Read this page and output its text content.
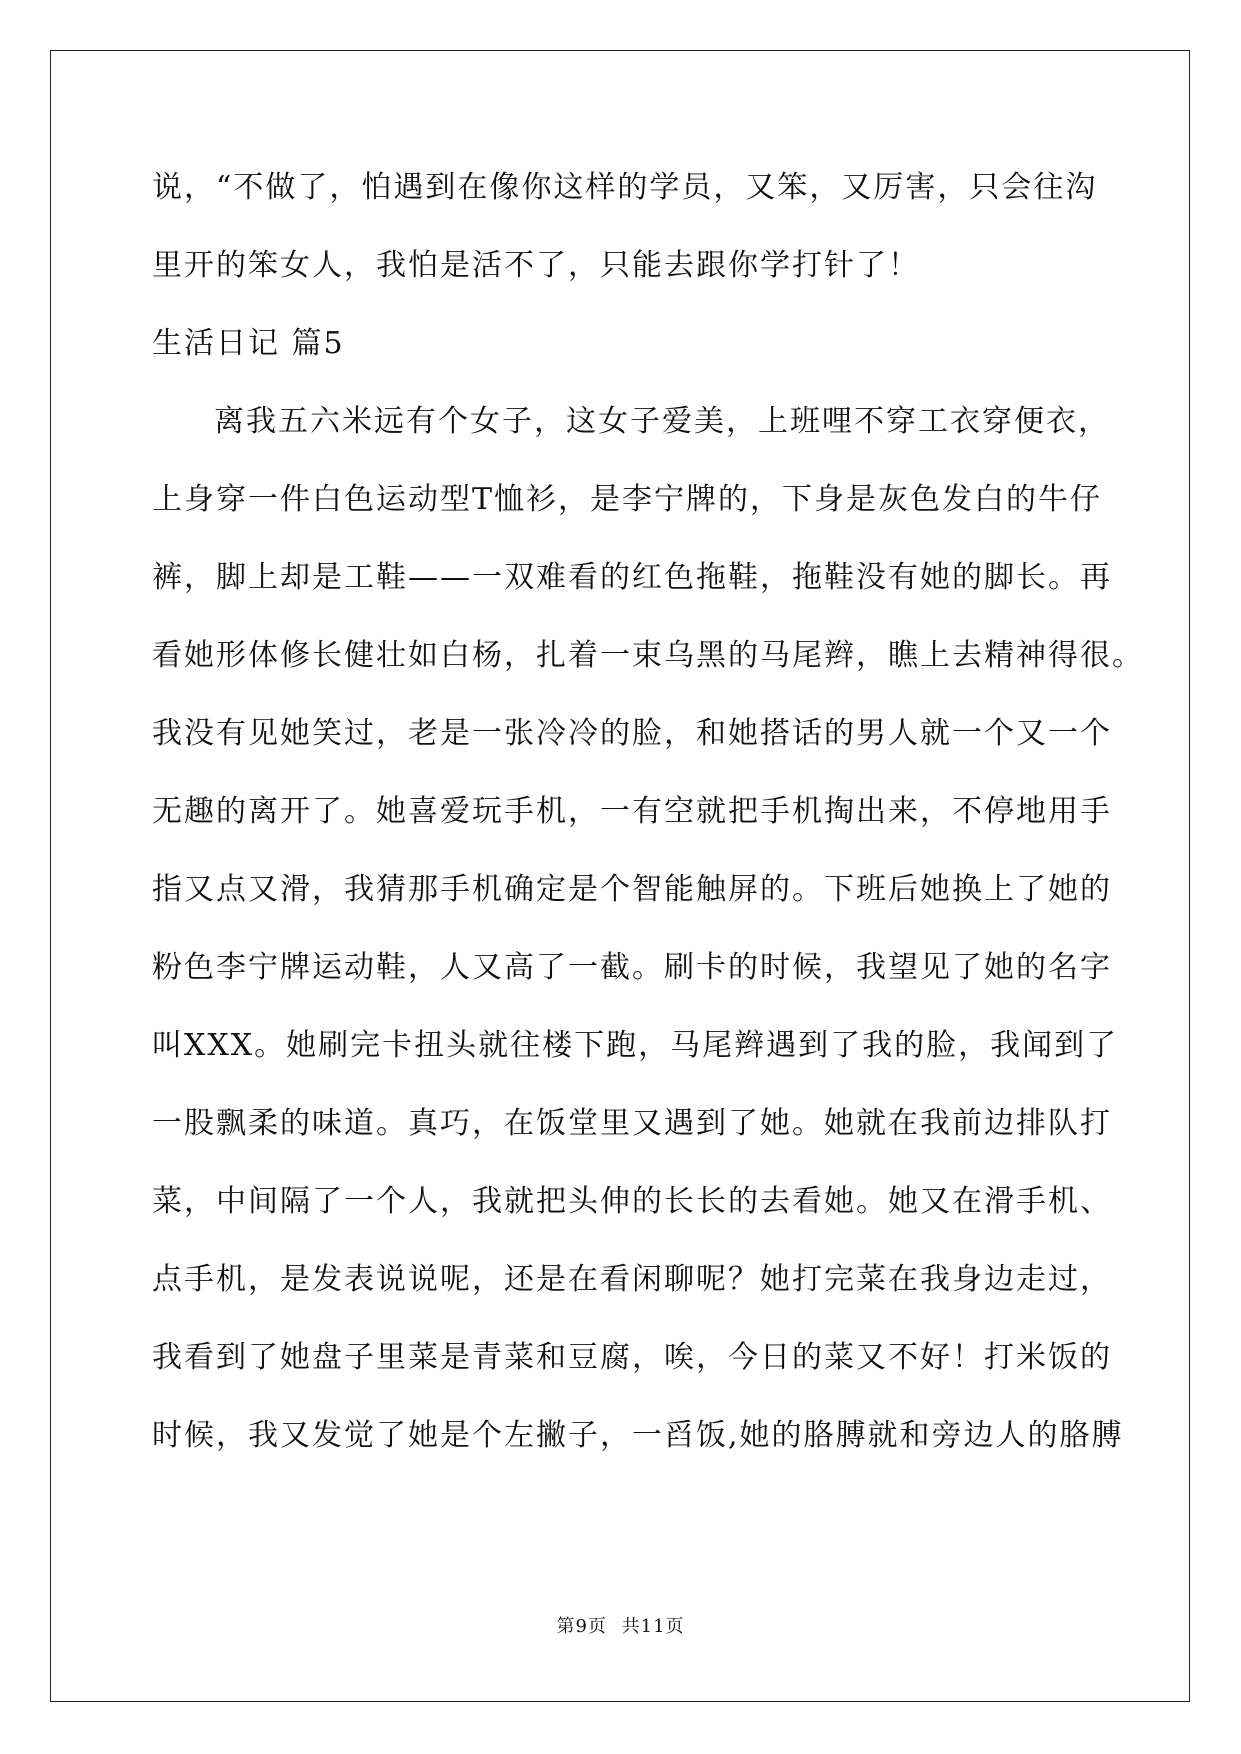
说，“不做了，怕遇到在像你这样的学员，又笨，又厉害，只会往沟
里开的笨女人，我怕是活不了，只能去跟你学打针了！
生活日记 篇5
离我五六米远有个女子，这女子爱美，上班哩不穿工衣穿便衣，
上身穿一件白色运动型T恤衫，是李宁牌的，下身是灰色发白的牛仔
裤，脚上却是工鞋——一双难看的红色拖鞋，拖鞋没有她的脚长。再
看她形体修长健壮如白杨，扎着一束乌黑的马尾辫，瞧上去精神得很。
我没有见她笑过，老是一张冷冷的脸，和她搭话的男人就一个又一个
无趣的离开了。她喜爱玩手机，一有空就把手机掏出来，不停地用手
指又点又滑，我猜那手机确定是个智能触屏的。下班后她换上了她的
粉色李宁牌运动鞋，人又高了一截。刷卡的时候，我望见了她的名字
叫XXX。她刷完卡扭头就往楼下跑，马尾辫遇到了我的脸，我闻到了
一股飘柔的味道。真巧，在饭堂里又遇到了她。她就在我前边排队打
菜，中间隔了一个人，我就把头伸的长长的去看她。她又在滑手机、
点手机，是发表说说呢，还是在看闲聊呢？她打完菜在我身边走过，
我看到了她盘子里菜是青菜和豆腐，唉，今日的菜又不好！打米饭的
时候，我又发觉了她是个左撇子，一舀饭,她的胳膊就和旁边人的胳膊
第9页 共11页
